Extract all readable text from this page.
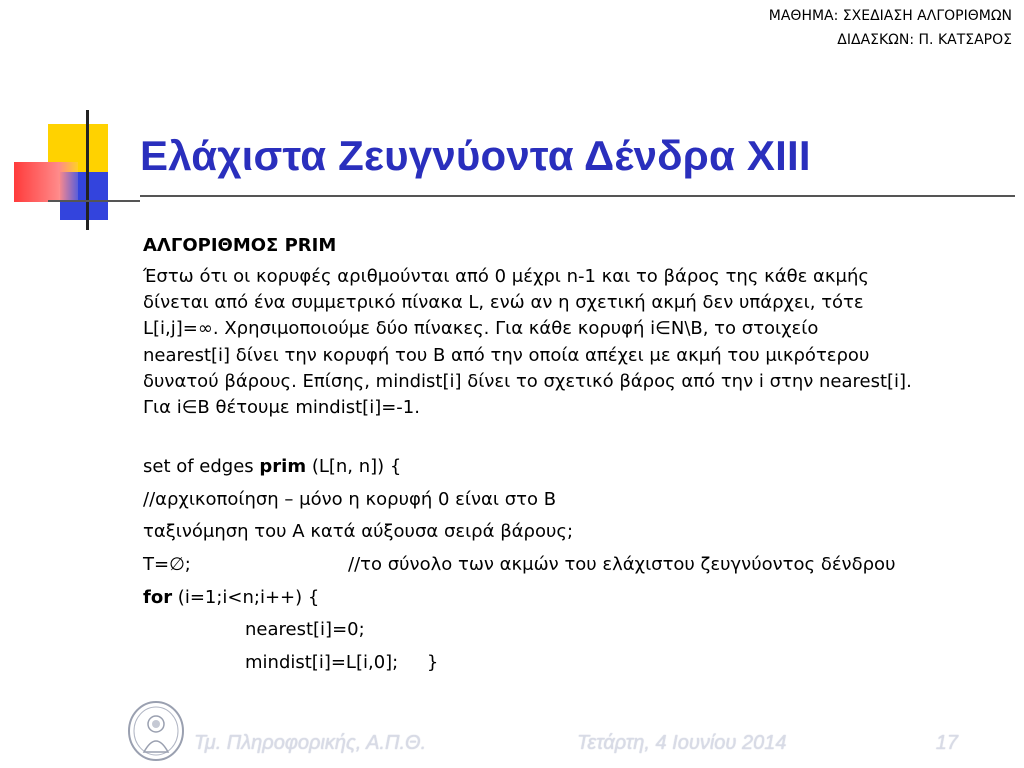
ΜΑΘΗΜΑ: ΣΧΕΔΙΑΣΗ ΑΛΓΟΡΙΘΜΩΝ
ΔΙΔΑΣΚΩΝ: Π. ΚΑΤΣΑΡΟΣ
Ελάχιστα Ζευγνύοντα Δένδρα XIII

ΑΛΓΟΡΙΘΜΟΣ PRIM

Έστω ότι οι κορυφές αριθμούνται από 0 μέχρι n-1 και το βάρος της κάθε ακμής

δίνεται από ένα συμμετρικό πίνακα L, ενώ αν η σχετική ακμή δεν υπάρχει, τότε

L[i,j]=∞. Χρησιμοποιούμε δύο πίνακες. Για κάθε κορυφή i∈N\B, το στοιχείο

nearest[i] δίνει την κορυφή του B από την οποία απέχει με ακμή του μικρότερου

δυνατού βάρους. Επίσης, mindist[i] δίνει το σχετικό βάρος από την i στην nearest[i].

Για i∈B θέτουμε mindist[i]=-1.

set of edges prim (L[n, n]) {

//αρχικοποίηση – μόνο η κορυφή 0 είναι στο B

ταξινόμηση του A κατά αύξουσα σειρά βάρους;

T=∅;	//το σύνολο των ακμών του ελάχιστου ζευγνύοντος δένδρου

for (i=1;i<n;i++) {

nearest[i]=0;

mindist[i]=L[i,0];     }

Τμ. Πληροφορικής, Α.Π.Θ.	Τετάρτη, 4 Ιουνίου 2014	17
